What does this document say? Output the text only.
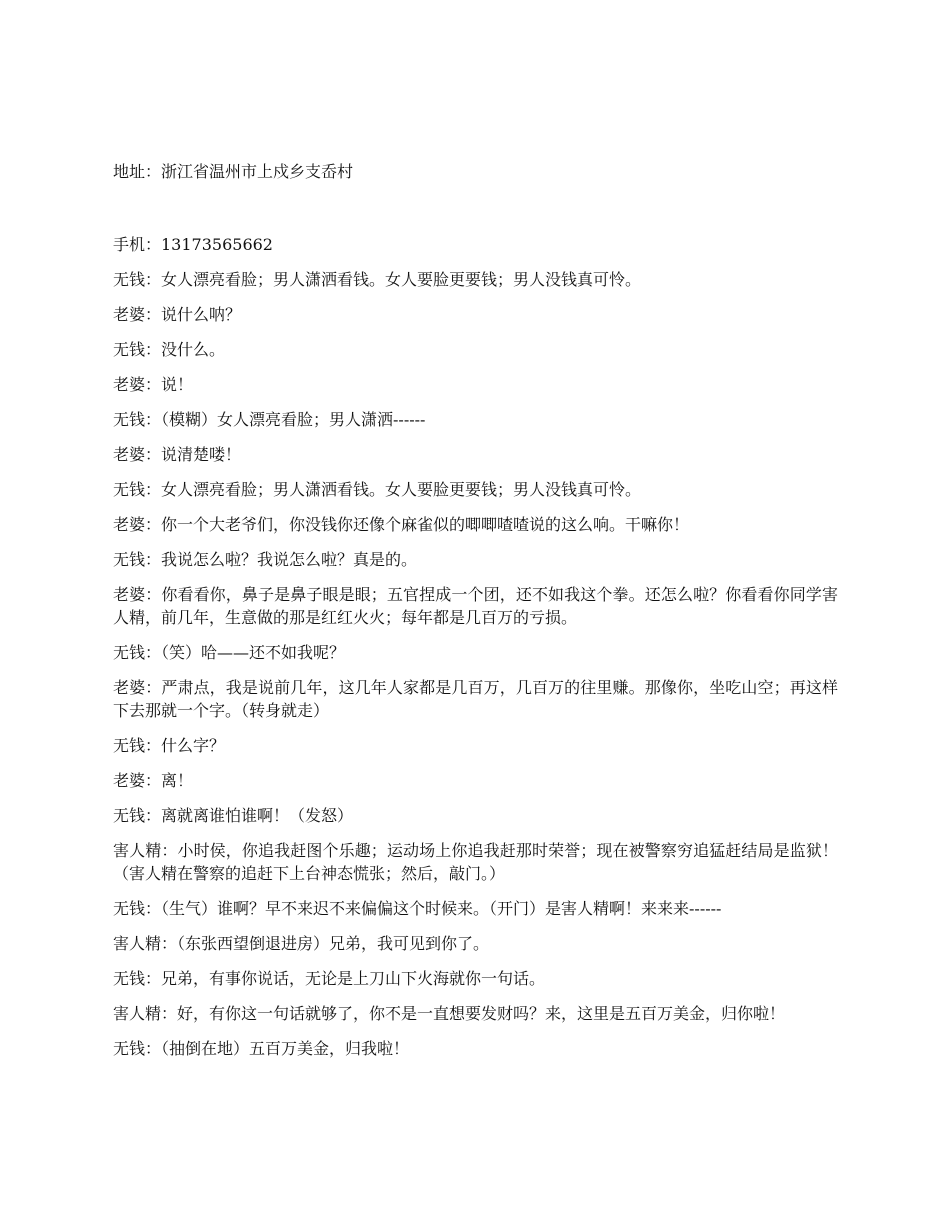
地址：浙江省温州市上戍乡支岙村
手机：13173565662

无钱：女人漂亮看脸；男人潇洒看钱。女人要脸更要钱；男人没钱真可怜。

老婆：说什么呐？

无钱：没什么。

老婆：说！

无钱：（模糊）女人漂亮看脸；男人潇洒------

老婆：说清楚喽！

无钱：女人漂亮看脸；男人潇洒看钱。女人要脸更要钱；男人没钱真可怜。

老婆：你一个大老爷们，你没钱你还像个麻雀似的唧唧喳喳说的这么响。干嘛你！

无钱：我说怎么啦？我说怎么啦？真是的。

老婆：你看看你，鼻子是鼻子眼是眼；五官捏成一个团，还不如我这个拳。还怎么啦？你看看你同学害人精，前几年，生意做的那是红红火火；每年都是几百万的亏损。

无钱：（笑）哈——还不如我呢？

老婆：严肃点，我是说前几年，这几年人家都是几百万，几百万的往里赚。那像你，坐吃山空；再这样下去那就一个字。（转身就走）

无钱：什么字？

老婆：离！

无钱：离就离谁怕谁啊！（发怒）

害人精：小时侯，你追我赶图个乐趣；运动场上你追我赶那时荣誉；现在被警察穷追猛赶结局是监狱！（害人精在警察的追赶下上台神态慌张；然后，敲门。）

无钱：（生气）谁啊？早不来迟不来偏偏这个时候来。（开门）是害人精啊！来来来------

害人精：（东张西望倒退进房）兄弟，我可见到你了。

无钱：兄弟，有事你说话，无论是上刀山下火海就你一句话。

害人精：好，有你这一句话就够了，你不是一直想要发财吗？来，这里是五百万美金，归你啦！

无钱：（抽倒在地）五百万美金，归我啦！
